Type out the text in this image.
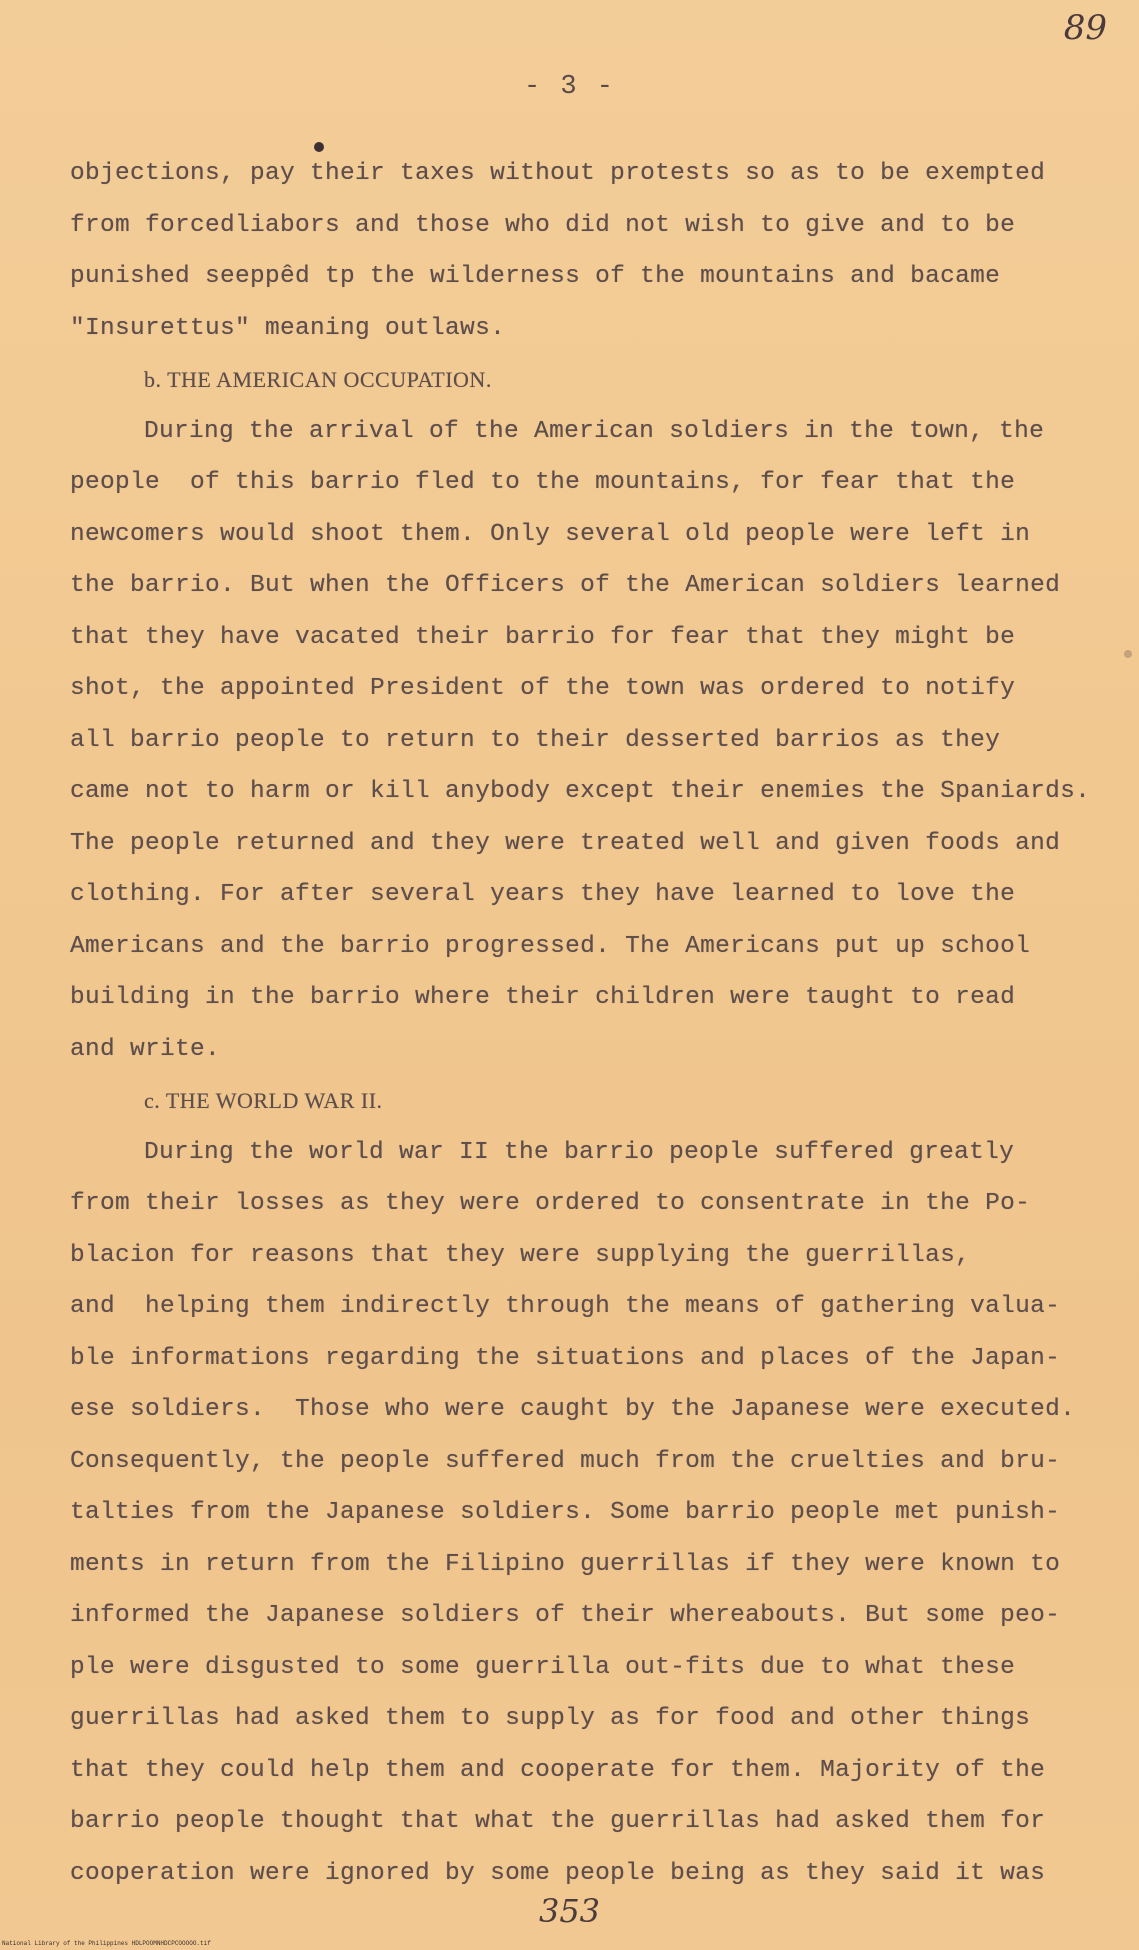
89
- 3 -
objections, pay their taxes without protests so as to be exempted
from forcedliabors and those who did not wish to give and to be
punished seeppêd tp the wilderness of the mountains and bacame
"Insurettus" meaning outlaws.
b. THE AMERICAN OCCUPATION.
During the arrival of the American soldiers in the town, the
people  of this barrio fled to the mountains, for fear that the
newcomers would shoot them. Only several old people were left in
the barrio. But when the Officers of the American soldiers learned
that they have vacated their barrio for fear that they might be
shot, the appointed President of the town was ordered to notify
all barrio people to return to their desserted barrios as they
came not to harm or kill anybody except their enemies the Spaniards.
The people returned and they were treated well and given foods and
clothing. For after several years they have learned to love the
Americans and the barrio progressed. The Americans put up school
building in the barrio where their children were taught to read
and write.
c. THE WORLD WAR II.
During the world war II the barrio people suffered greatly
from their losses as they were ordered to consentrate in the Po-
blacion for reasons that they were supplying the guerrillas,
and  helping them indirectly through the means of gathering valua-
ble informations regarding the situations and places of the Japan-
ese soldiers.  Those who were caught by the Japanese were executed.
Consequently, the people suffered much from the cruelties and bru-
talties from the Japanese soldiers. Some barrio people met punish-
ments in return from the Filipino guerrillas if they were known to
informed the Japanese soldiers of their whereabouts. But some peo-
ple were disgusted to some guerrilla out-fits due to what these
guerrillas had asked them to supply as for food and other things
that they could help them and cooperate for them. Majority of the
barrio people thought that what the guerrillas had asked them for
cooperation were ignored by some people being as they said it was
353
National Library of the Philippines HDLPOOMNHDCPCOOOOO.tif
